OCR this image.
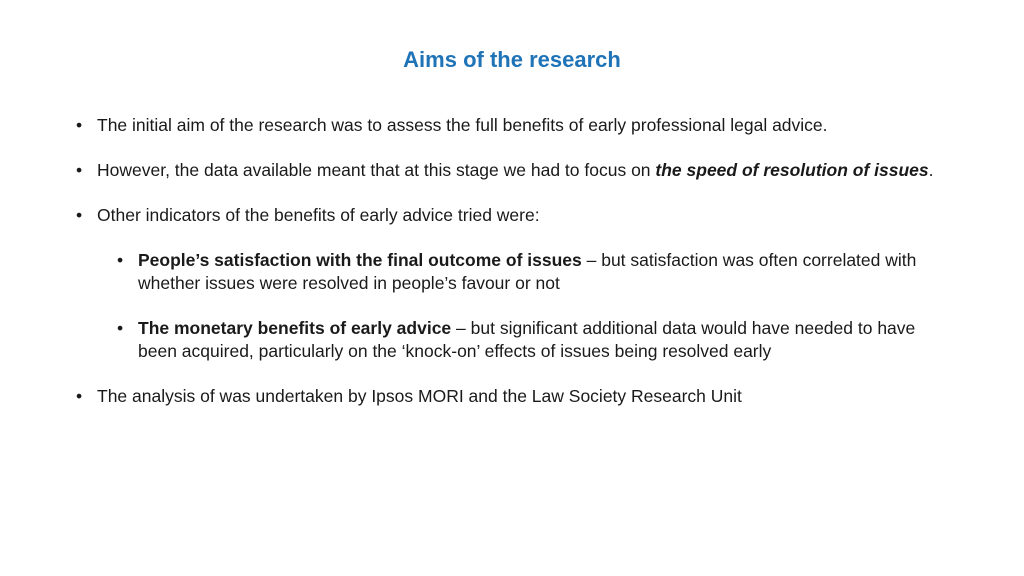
Aims of the research
• The initial aim of the research was to assess the full benefits of early professional legal advice.
• However, the data available meant that at this stage we had to focus on the speed of resolution of issues.
• Other indicators of the benefits of early advice tried were:
• People’s satisfaction with the final outcome of issues – but satisfaction was often correlated with whether issues were resolved in people’s favour or not
• The monetary benefits of early advice – but significant additional data would have needed to have been acquired, particularly on the ‘knock-on’ effects of issues being resolved early
• The analysis of was undertaken by Ipsos MORI and the Law Society Research Unit
